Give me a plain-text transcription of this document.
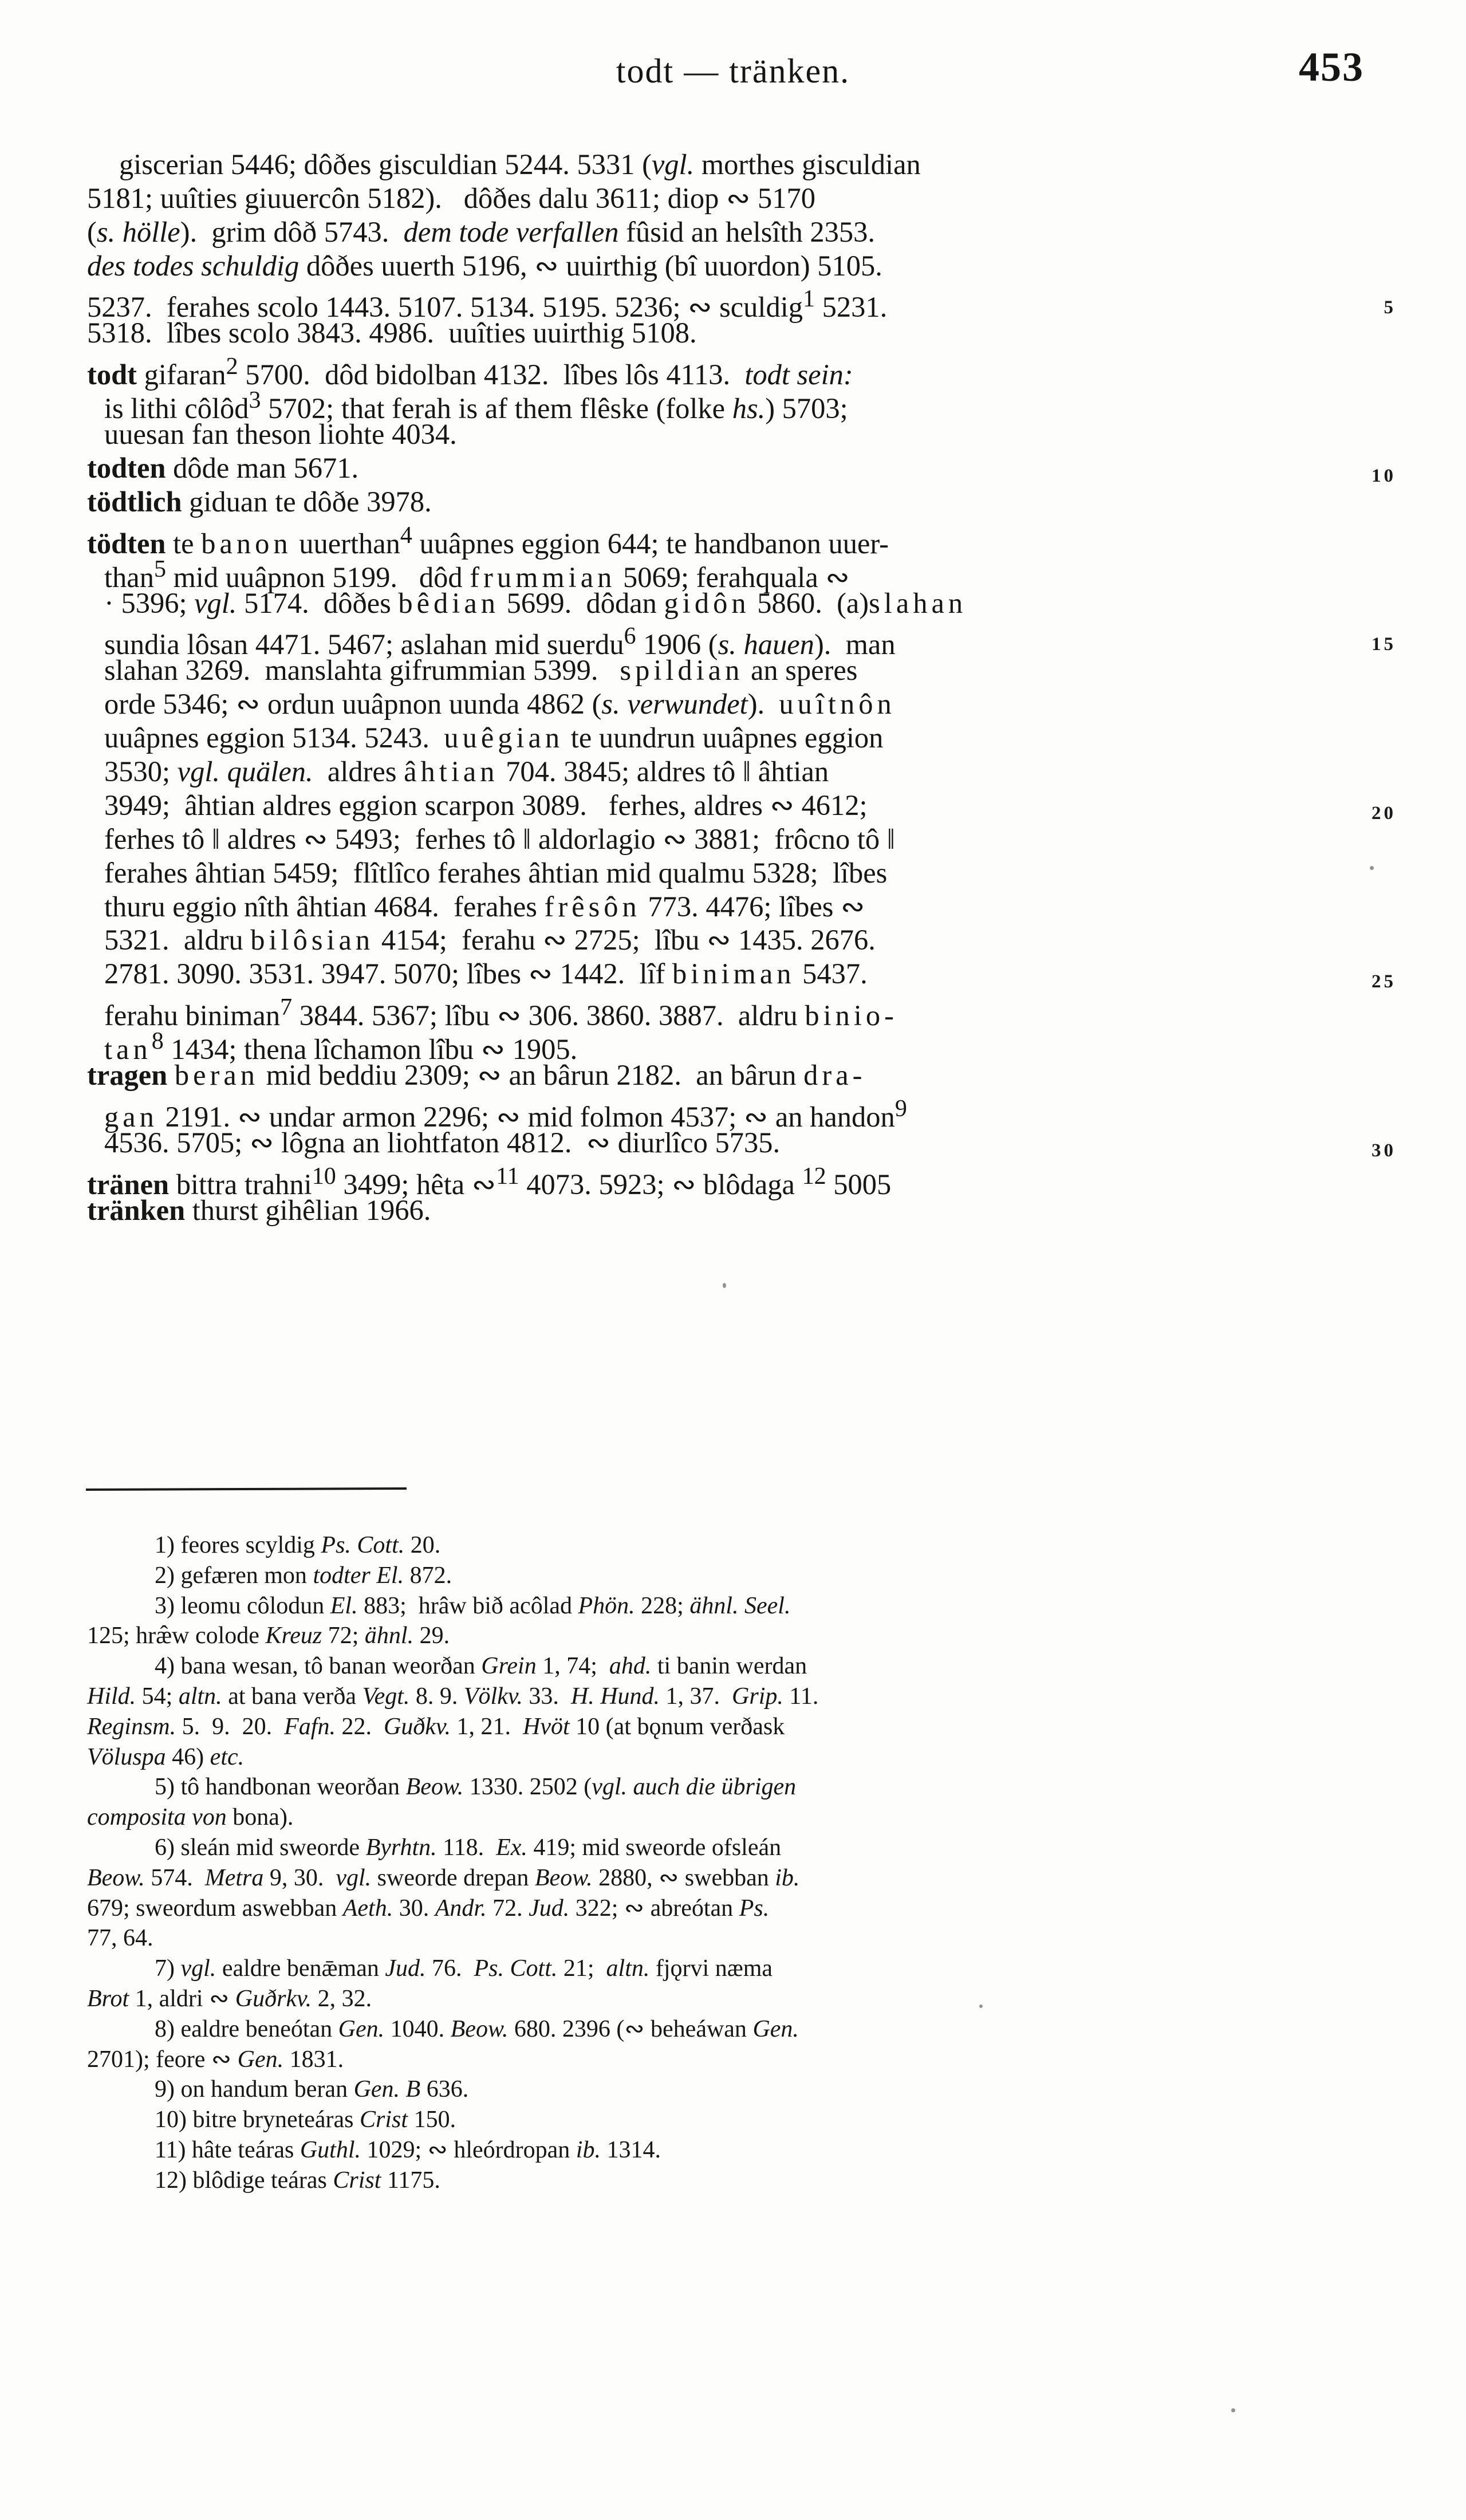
todt — tränken.	453
giscerian 5446; dôðes gisculdian 5244. 5331 (vgl. morthes gisculdian
5181; uuîties giuuercôn 5182).   dôðes dalu 3611; diop ∾ 5170
(s. hölle).  grim dôð 5743.  dem tode verfallen fûsid an helsîth 2353.
des todes schuldig dôðes uuerth 5196, ∾ uuirthig (bî uuordon) 5105.
5237.  ferahes scolo 1443. 5107. 5134. 5195. 5236; ∾ sculdig$^1$ 5231.	5
5318.  lîbes scolo 3843. 4986.  uuîties uuirthig 5108.
todt gifaran$^2$ 5700.  dôd bidolban 4132.  lîbes lôs 4113.  todt sein:
is lithi côlôd$^3$ 5702; that ferah is af them flêske (folke hs.) 5703;
uuesan fan theson liohte 4034.
todten dôde man 5671.	10
tödtlich giduan te dôðe 3978.
tödten te banon uuerthan$^4$ uuâpnes eggion 644; te handbanon uuer-
than$^5$ mid uuâpnon 5199.   dôd frummian 5069; ferahquala ∾
· 5396; vgl. 5174.  dôðes bêdian 5699.  dôdan gidôn 5860.  (a)slahan
sundia lôsan 4471. 5467; aslahan mid suerdu$^6$ 1906 (s. hauen).  man	15
slahan 3269.  manslahta gifrummian 5399.   spildian an speres
orde 5346; ∾ ordun uuâpnon uunda 4862 (s. verwundet).  uuîtnôn
uuâpnes eggion 5134. 5243.  uuêgian te uundrun uuâpnes eggion
3530; vgl. quälen.  aldres âhtian 704. 3845; aldres tô ‖ âhtian
3949;  âhtian aldres eggion scarpon 3089.   ferhes, aldres ∾ 4612;	20
ferhes tô ‖ aldres ∾ 5493;  ferhes tô ‖ aldorlagio ∾ 3881;  frôcno tô ‖
ferahes âhtian 5459;  flîtlîco ferahes âhtian mid qualmu 5328;  lîbes
thuru eggio nîth âhtian 4684.  ferahes frêsôn 773. 4476; lîbes ∾
5321.  aldru bilôsian 4154;  ferahu ∾ 2725;  lîbu ∾ 1435. 2676.
2781. 3090. 3531. 3947. 5070; lîbes ∾ 1442.  lîf biniman 5437.	25
ferahu biniman$^7$ 3844. 5367; lîbu ∾ 306. 3860. 3887.  aldru binio-
$\tan^8 1434$; thena lîchamon lîbu ∾ 1905.
tragen beran mid beddiu 2309; ∾ an bârun 2182.  an bârun dra-
gan 2191. ∾ undar armon 2296; ∾ mid folmon 4537; ∾ an handon$^9$
4536. 5705; ∾ lôgna an liohtfaton 4812.  ∾ diurlîco 5735.	30
tränen bittra trahni$^{10}$ 3499; hêta ∾$^{11}$ 4073. 5923; ∾ blôdaga $^{12}$ 5005
tränken thurst gihêlian 1966.
1) feores scyldig Ps. Cott. 20.
2) gefæren mon todter El. 872.
3) leomu côlodun El. 883;  hrâw bið acôlad Phön. 228; ähnl. Seel.
125; hræ̂w colode Kreuz 72; ähnl. 29.
4) bana wesan, tô banan weorðan Grein 1, 74;  ahd. ti banin werdan
Hild. 54; altn. at bana verða Vegt. 8. 9. Völkv. 33.  H. Hund. 1, 37.  Grip. 11.
Reginsm. 5.  9.  20.  Fafn. 22.  Guðkv. 1, 21.  Hvöt 10 (at bǫnum verðask
Völuspa 46) etc.
5) tô handbonan weorðan Beow. 1330. 2502 (vgl. auch die übrigen
composita von bona).
6) sleán mid sweorde Byrhtn. 118.  Ex. 419; mid sweorde ofsleán
Beow. 574.  Metra 9, 30.  vgl. sweorde drepan Beow. 2880, ∾ swebban ib.
679; sweordum aswebban Aeth. 30. Andr. 72. Jud. 322; ∾ abreótan Ps.
77, 64.
7) vgl. ealdre benǣman Jud. 76.  Ps. Cott. 21;  altn. fjǫrvi næma
Brot 1, aldri ∾ Guðrkv. 2, 32.
8) ealdre beneótan Gen. 1040. Beow. 680. 2396 (∾ beheáwan Gen.
2701); feore ∾ Gen. 1831.
9) on handum beran Gen. B 636.
10) bitre bryneteáras Crist 150.
11) hâte teáras Guthl. 1029; ∾ hleórdropan ib. 1314.
12) blôdige teáras Crist 1175.
